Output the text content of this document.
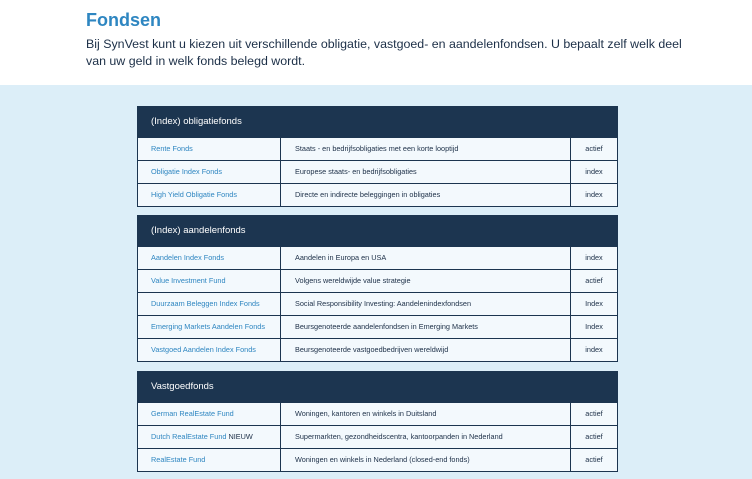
Fondsen

Bij SynVest kunt u kiezen uit verschillende obligatie, vastgoed- en aandelenfondsen. U bepaalt zelf welk deel van uw geld in welk fonds belegd wordt.

(Index) obligatiefonds
Rente Fonds	Staats - en bedrijfsobligaties met een korte looptijd	actief
Obligatie Index Fonds	Europese staats- en bedrijfsobligaties	index
High Yield Obligatie Fonds	Directe en indirecte beleggingen in obligaties	index
(Index) aandelenfonds
Aandelen Index Fonds	Aandelen in Europa en USA	index
Value Investment Fund	Volgens wereldwijde value strategie	actief
Duurzaam Beleggen Index Fonds	Social Responsibility Investing: Aandelenindexfondsen	Index
Emerging Markets Aandelen Fonds	Beursgenoteerde aandelenfondsen in Emerging Markets	Index
Vastgoed Aandelen Index Fonds	Beursgenoteerde vastgoedbedrijven wereldwijd	index
Vastgoedfonds
German RealEstate Fund	Woningen, kantoren en winkels in Duitsland	actief
Dutch RealEstate Fund NIEUW	Supermarkten, gezondheidscentra, kantoorpanden in Nederland	actief
RealEstate Fund	Woningen en winkels in Nederland (closed-end fonds)	actief
